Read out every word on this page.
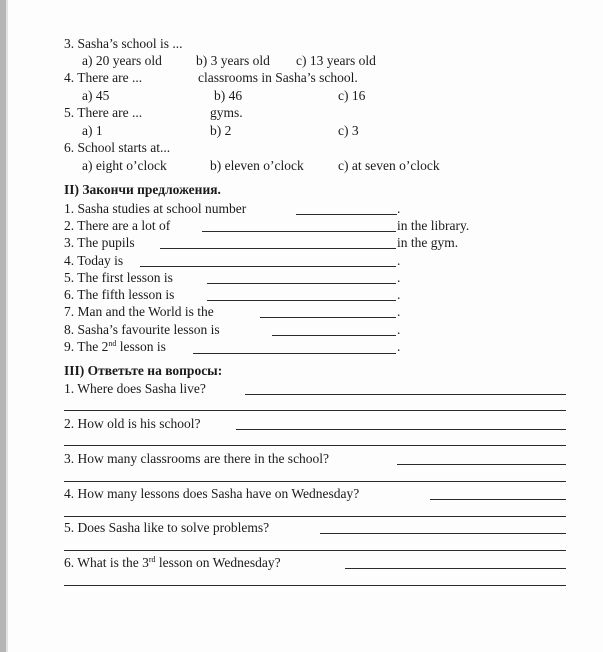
3. Sasha’s school is ...
a) 20 years old	b) 3 years old c) 13 years old
4. There are ...	classrooms in Sasha’s school.
a) 45	b) 46	c) 16
5. There are ...	gyms.
a) 1	b) 2	c) 3
6. School starts at...
a) eight o’clock	b) eleven o’clock	c) at seven o’clock
II) Закончи предложения.
1. Sasha studies at school number	.
2. There are a lot of	in the library.
3. The pupils	in the gym.
4. Today is	.
5. The first lesson is	.
6. The fifth lesson is	.
7. Man and the World is the	.
8. Sasha’s favourite lesson is	.
9. The 2nd lesson is	.
III) Ответьте на вопросы:
1. Where does Sasha live?
2. How old is his school?
3. How many classrooms are there in the school?
4. How many lessons does Sasha have on Wednesday?
5. Does Sasha like to solve problems?
6. What is the 3rd lesson on Wednesday?
